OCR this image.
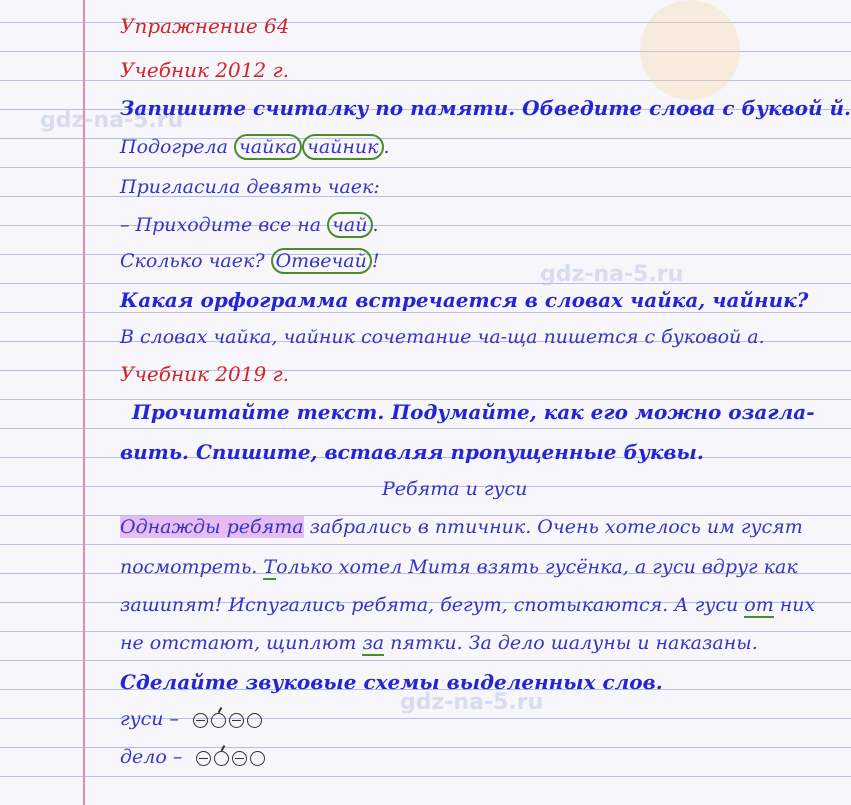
gdz-na-5.ru
gdz-na-5.ru
gdz-na-5.ru
Упражнение 64
Учебник 2012 г.
Запишите считалку по памяти. Обведите слова с буквой й.
Подогрела чайка чайник .
Пригласила девять чаек:
– Приходите все на чай .
Сколько чаек? Отвечай !
Какая орфограмма встречается в словах чайка, чайник?
В словах чайка, чайник сочетание ча-ща пишется с буковой а.
Учебник 2019 г.
Прочитайте текст. Подумайте, как его можно озагла-
вить. Спишите, вставляя пропущенные буквы.
Ребята и гуси
Однажды ребята забрались в птичник. Очень хотелось им гусят
посмотреть. Только хотел Митя взять гусёнка, а гуси вдруг как
зашипят! Испугались ребята, бегут, спотыкаются. А гуси от них
не отстают, щиплют за пятки. За дело шалуны и наказаны.
Сделайте звуковые схемы выделенных слов.
гуси –
дело –
